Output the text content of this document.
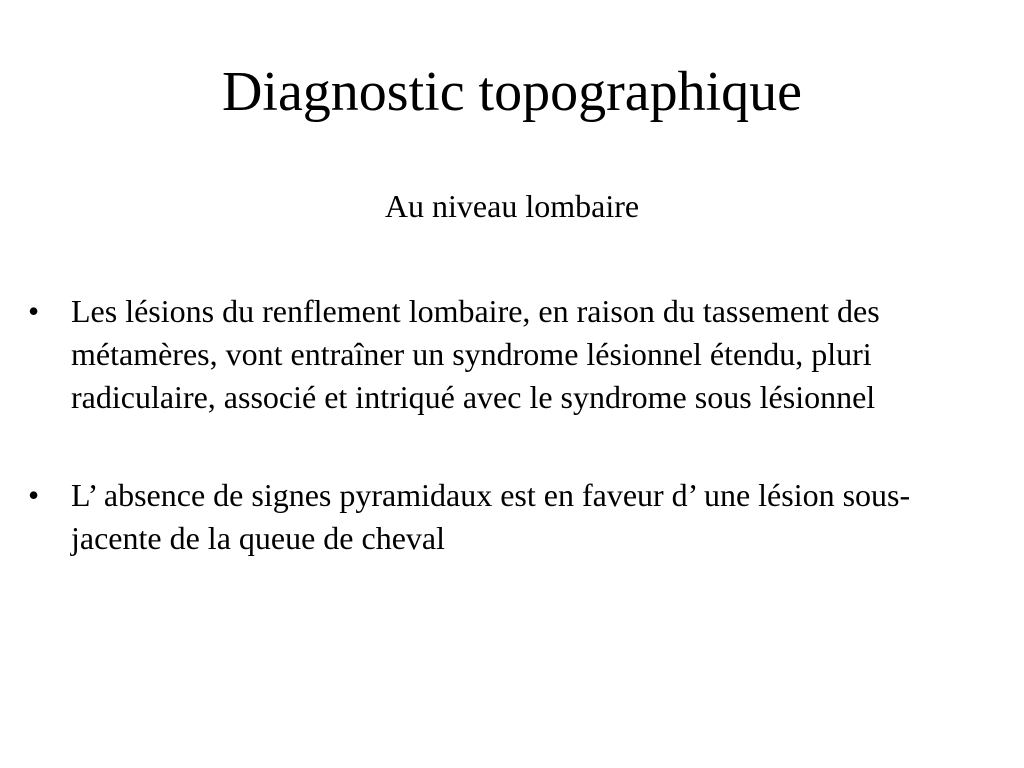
Diagnostic topographique
Au niveau lombaire
• Les lésions du renflement lombaire, en raison du tassement des métamères, vont entraîner un syndrome lésionnel étendu, pluri radiculaire, associé et intriqué avec le syndrome sous lésionnel
• L’ absence de signes pyramidaux est en faveur d’ une lésion sous-jacente de la queue de cheval
